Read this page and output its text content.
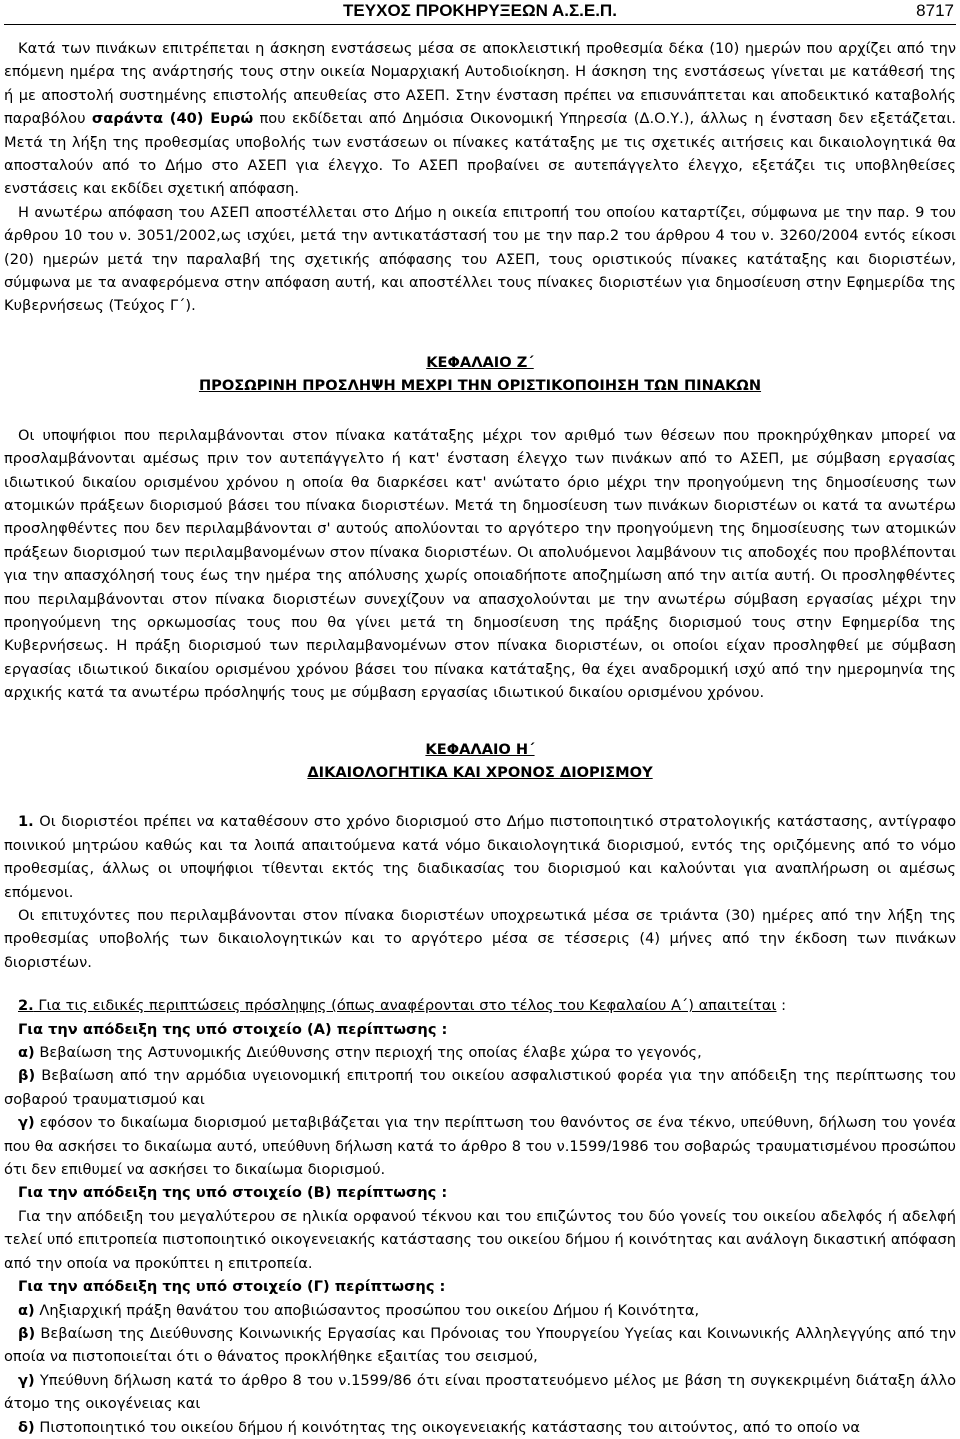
ΤΕΥΧΟΣ ΠΡΟΚΗΡΥΞΕΩΝ Α.Σ.Ε.Π.	8717

Κατά των πινάκων επιτρέπεται η άσκηση ενστάσεως μέσα σε αποκλειστική προθεσμία δέκα (10) ημερών που αρχίζει από την επόμενη ημέρα της ανάρτησής τους στην οικεία Νομαρχιακή Αυτοδιοίκηση. Η άσκηση της ενστάσεως γίνεται με κατάθεσή της ή με αποστολή συστημένης επιστολής απευθείας στο ΑΣΕΠ. Στην ένσταση πρέπει να επισυνάπτεται και αποδεικτικό καταβολής παραβόλου σαράντα (40) Ευρώ που εκδίδεται από Δημόσια Οικονομική Υπηρεσία (Δ.Ο.Υ.), άλλως η ένσταση δεν εξετάζεται. Μετά τη λήξη της προθεσμίας υποβολής των ενστάσεων οι πίνακες κατάταξης με τις σχετικές αιτήσεις και δικαιολογητικά θα αποσταλούν από το Δήμο στο ΑΣΕΠ για έλεγχο. Το ΑΣΕΠ προβαίνει σε αυτεπάγγελτο έλεγχο, εξετάζει τις υποβληθείσες ενστάσεις και εκδίδει σχετική απόφαση.

Η ανωτέρω απόφαση του ΑΣΕΠ αποστέλλεται στο Δήμο η οικεία επιτροπή του οποίου καταρτίζει, σύμφωνα με την παρ. 9 του άρθρου 10 του ν. 3051/2002,ως ισχύει, μετά την αντικατάστασή του με την παρ.2 του άρθρου 4 του ν. 3260/2004 εντός είκοσι (20) ημερών μετά την παραλαβή της σχετικής απόφασης του ΑΣΕΠ, τους οριστικούς πίνακες κατάταξης και διοριστέων, σύμφωνα με τα αναφερόμενα στην απόφαση αυτή, και αποστέλλει τους πίνακες διοριστέων για δημοσίευση στην Εφημερίδα της Κυβερνήσεως (Τεύχος Γ΄).

ΚΕΦΑΛΑΙΟ Ζ΄

ΠΡΟΣΩΡΙΝΗ ΠΡΟΣΛΗΨΗ ΜΕΧΡΙ ΤΗΝ ΟΡΙΣΤΙΚΟΠΟΙΗΣΗ ΤΩΝ ΠΙΝΑΚΩΝ

Οι υποψήφιοι που περιλαμβάνονται στον πίνακα κατάταξης μέχρι τον αριθμό των θέσεων που προκηρύχθηκαν μπορεί να προσλαμβάνονται αμέσως πριν τον αυτεπάγγελτο ή κατ' ένσταση έλεγχο των πινάκων από το ΑΣΕΠ, με σύμβαση εργασίας ιδιωτικού δικαίου ορισμένου χρόνου η οποία θα διαρκέσει κατ' ανώτατο όριο μέχρι την προηγούμενη της δημοσίευσης των ατομικών πράξεων διορισμού βάσει του πίνακα διοριστέων. Μετά τη δημοσίευση των πινάκων διοριστέων οι κατά τα ανωτέρω προσληφθέντες που δεν περιλαμβάνονται σ' αυτούς απολύονται το αργότερο την προηγούμενη της δημοσίευσης των ατομικών πράξεων διορισμού των περιλαμβανομένων στον πίνακα διοριστέων. Οι απολυόμενοι λαμβάνουν τις αποδοχές που προβλέπονται για την απασχόλησή τους έως την ημέρα της απόλυσης χωρίς οποιαδήποτε αποζημίωση από την αιτία αυτή. Οι προσληφθέντες που περιλαμβάνονται στον πίνακα διοριστέων συνεχίζουν να απασχολούνται με την ανωτέρω σύμβαση εργασίας μέχρι την προηγούμενη της ορκωμοσίας τους που θα γίνει μετά τη δημοσίευση της πράξης διορισμού τους στην Εφημερίδα της Κυβερνήσεως. Η πράξη διορισμού των περιλαμβανομένων στον πίνακα διοριστέων, οι οποίοι είχαν προσληφθεί με σύμβαση εργασίας ιδιωτικού δικαίου ορισμένου χρόνου βάσει του πίνακα κατάταξης, θα έχει αναδρομική ισχύ από την ημερομηνία της αρχικής κατά τα ανωτέρω πρόσληψής τους με σύμβαση εργασίας ιδιωτικού δικαίου ορισμένου χρόνου.

ΚΕΦΑΛΑΙΟ Η΄

ΔΙΚΑΙΟΛΟΓΗΤΙΚΑ ΚΑΙ ΧΡΟΝΟΣ ΔΙΟΡΙΣΜΟΥ

1. Οι διοριστέοι πρέπει να καταθέσουν στο χρόνο διορισμού στο Δήμο πιστοποιητικό στρατολογικής κατάστασης, αντίγραφο ποινικού μητρώου καθώς και τα λοιπά απαιτούμενα κατά νόμο δικαιολογητικά διορισμού, εντός της οριζόμενης από το νόμο προθεσμίας, άλλως οι υποψήφιοι τίθενται εκτός της διαδικασίας του διορισμού και καλούνται για αναπλήρωση οι αμέσως επόμενοι.

Οι επιτυχόντες που περιλαμβάνονται στον πίνακα διοριστέων υποχρεωτικά μέσα σε τριάντα (30) ημέρες από την λήξη της προθεσμίας υποβολής των δικαιολογητικών και το αργότερο μέσα σε τέσσερις (4) μήνες από την έκδοση των πινάκων διοριστέων.

2. Για τις ειδικές περιπτώσεις πρόσληψης (όπως αναφέρονται στο τέλος του Κεφαλαίου Α΄) απαιτείται :

Για την απόδειξη της υπό στοιχείο (Α) περίπτωσης :

α) Βεβαίωση της Αστυνομικής Διεύθυνσης στην περιοχή της οποίας έλαβε χώρα το γεγονός,

β) Βεβαίωση από την αρμόδια υγειονομική επιτροπή του οικείου ασφαλιστικού φορέα για την απόδειξη της περίπτωσης του σοβαρού τραυματισμού και

γ) εφόσον το δικαίωμα διορισμού μεταβιβάζεται για την περίπτωση του θανόντος σε ένα τέκνο, υπεύθυνη, δήλωση του γονέα που θα ασκήσει το δικαίωμα αυτό, υπεύθυνη δήλωση κατά το άρθρο 8 του ν.1599/1986 του σοβαρώς τραυματισμένου προσώπου ότι δεν επιθυμεί να ασκήσει το δικαίωμα διορισμού.

Για την απόδειξη της υπό στοιχείο (Β) περίπτωσης :

Για την απόδειξη του μεγαλύτερου σε ηλικία ορφανού τέκνου και του επιζώντος του δύο γονείς του οικείου αδελφός ή αδελφή τελεί υπό επιτροπεία πιστοποιητικό οικογενειακής κατάστασης του οικείου δήμου ή κοινότητας και ανάλογη δικαστική απόφαση από την οποία να προκύπτει η επιτροπεία.

Για την απόδειξη της υπό στοιχείο (Γ) περίπτωσης :

α) Ληξιαρχική πράξη θανάτου του αποβιώσαντος προσώπου του οικείου Δήμου ή Κοινότητα,

β) Βεβαίωση της Διεύθυνσης Κοινωνικής Εργασίας και Πρόνοιας του Υπουργείου Υγείας και Κοινωνικής Αλληλεγγύης από την οποία να πιστοποιείται ότι ο θάνατος προκλήθηκε εξαιτίας του σεισμού,

γ) Υπεύθυνη δήλωση κατά το άρθρο 8 του ν.1599/86 ότι είναι προστατευόμενο μέλος με βάση τη συγκεκριμένη διάταξη άλλο άτομο της οικογένειας και

δ) Πιστοποιητικό του οικείου δήμου ή κοινότητας της οικογενειακής κατάστασης του αιτούντος, από το οποίο να
